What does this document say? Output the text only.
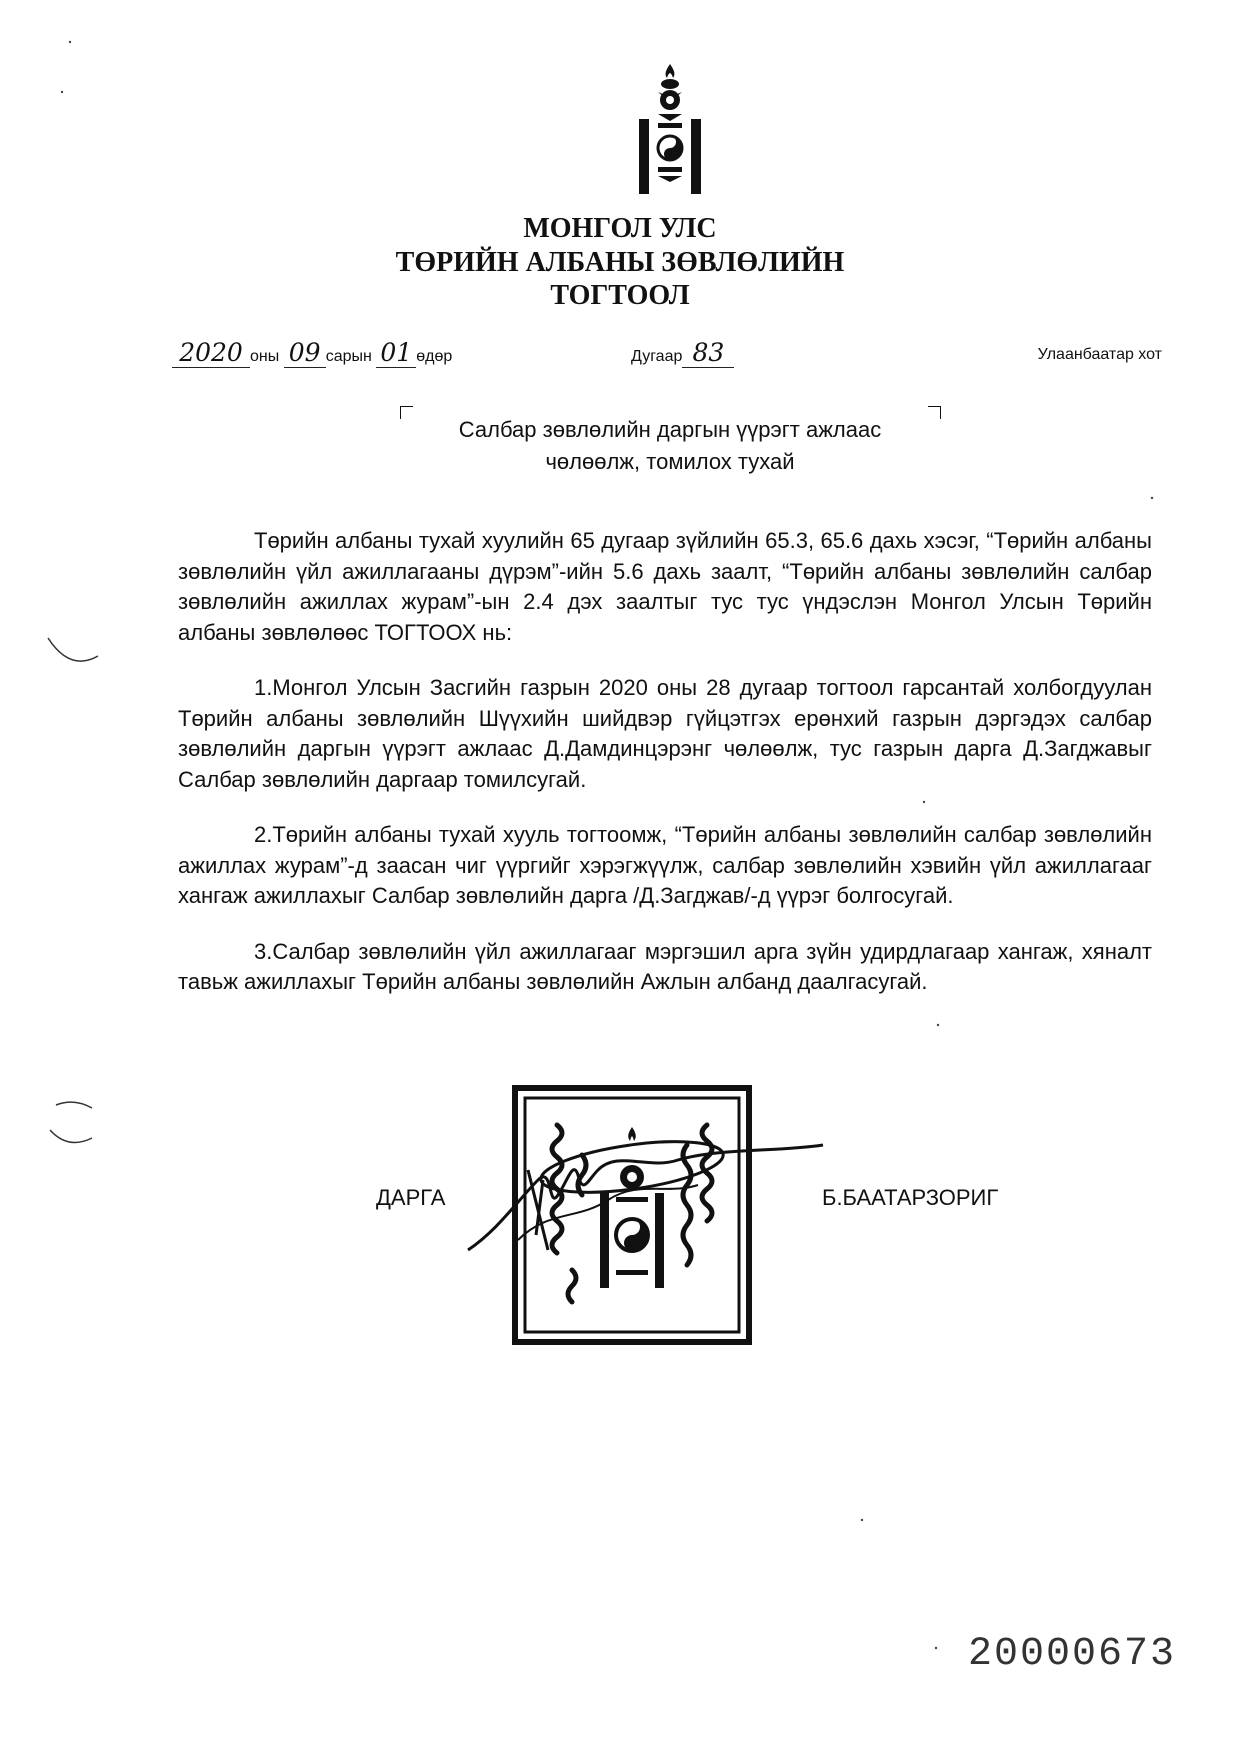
МОНГОЛ УЛС
ТӨРИЙН АЛБАНЫ ЗӨВЛӨЛИЙН
ТОГТООЛ
2020 оны 09 сарын 01 өдөр	Дугаар 83	Улаанбаатар хот
Салбар зөвлөлийн даргын үүрэгт ажлаас
чөлөөлж, томилох тухай

Төрийн албаны тухай хуулийн 65 дугаар зүйлийн 65.3, 65.6 дахь хэсэг, “Төрийн албаны зөвлөлийн үйл ажиллагааны дүрэм”-ийн 5.6 дахь заалт, “Төрийн албаны зөвлөлийн салбар зөвлөлийн ажиллах журам”-ын 2.4 дэх заалтыг тус тус үндэслэн Монгол Улсын Төрийн албаны зөвлөлөөс ТОГТООХ нь:

1.Монгол Улсын Засгийн газрын 2020 оны 28 дугаар тогтоол гарсантай холбогдуулан Төрийн албаны зөвлөлийн Шүүхийн шийдвэр гүйцэтгэх ерөнхий газрын дэргэдэх салбар зөвлөлийн даргын үүрэгт ажлаас Д.Дамдинцэрэнг чөлөөлж, тус газрын дарга Д.Загджавыг Салбар зөвлөлийн даргаар томилсугай.

2.Төрийн албаны тухай хууль тогтоомж, “Төрийн албаны зөвлөлийн салбар зөвлөлийн ажиллах журам”-д заасан чиг үүргийг хэрэгжүүлж, салбар зөвлөлийн хэвийн үйл ажиллагааг хангаж ажиллахыг Салбар зөвлөлийн дарга /Д.Загджав/-д үүрэг болгосугай.

3.Салбар зөвлөлийн үйл ажиллагааг мэргэшил арга зүйн удирдлагаар хангаж, хяналт тавьж ажиллахыг Төрийн албаны зөвлөлийн Ажлын албанд даалгасугай.

ДАРГА	Б.БААТАРЗОРИГ
20000673
